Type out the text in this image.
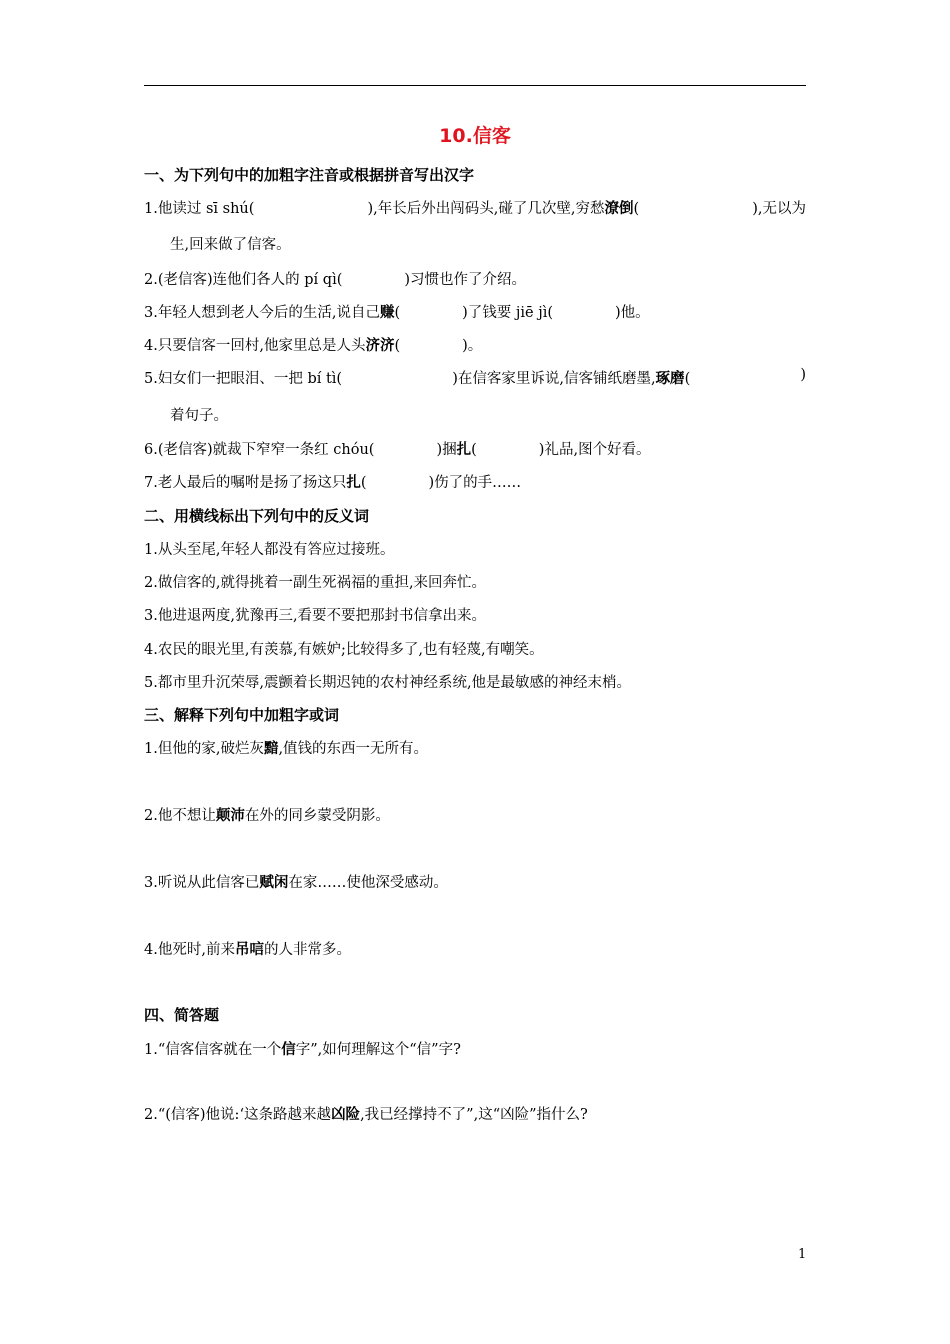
10.信客
一、为下列句中的加粗字注音或根据拼音写出汉字
1.他读过 sī shú(	),年长后外出闯码头,碰了几次壁,穷愁潦倒(	),无以为
生,回来做了信客。
2.(老信客)连他们各人的 pí qì(	)习惯也作了介绍。
3.年轻人想到老人今后的生活,说自己赚(	)了钱要 jiē jì(	)他。
4.只要信客一回村,他家里总是人头济济(	)。
5.妇女们一把眼泪、一把 bí tì(	)在信客家里诉说,信客铺纸磨墨,琢磨(	)
着句子。
6.(老信客)就裁下窄窄一条红 chóu(	)捆扎(	)礼品,图个好看。
7.老人最后的嘱咐是扬了扬这只扎(	)伤了的手……
二、用横线标出下列句中的反义词
1.从头至尾,年轻人都没有答应过接班。
2.做信客的,就得挑着一副生死祸福的重担,来回奔忙。
3.他进退两度,犹豫再三,看要不要把那封书信拿出来。
4.农民的眼光里,有羡慕,有嫉妒;比较得多了,也有轻蔑,有嘲笑。
5.都市里升沉荣辱,震颤着长期迟钝的农村神经系统,他是最敏感的神经末梢。
三、解释下列句中加粗字或词
1.但他的家,破烂灰黯,值钱的东西一无所有。
2.他不想让颠沛在外的同乡蒙受阴影。
3.听说从此信客已赋闲在家……使他深受感动。
4.他死时,前来吊唁的人非常多。
四、简答题
1.“信客信客就在一个信字”,如何理解这个“信”字?
2.“(信客)他说:‘这条路越来越凶险,我已经撑持不了”,这“凶险”指什么?
1
